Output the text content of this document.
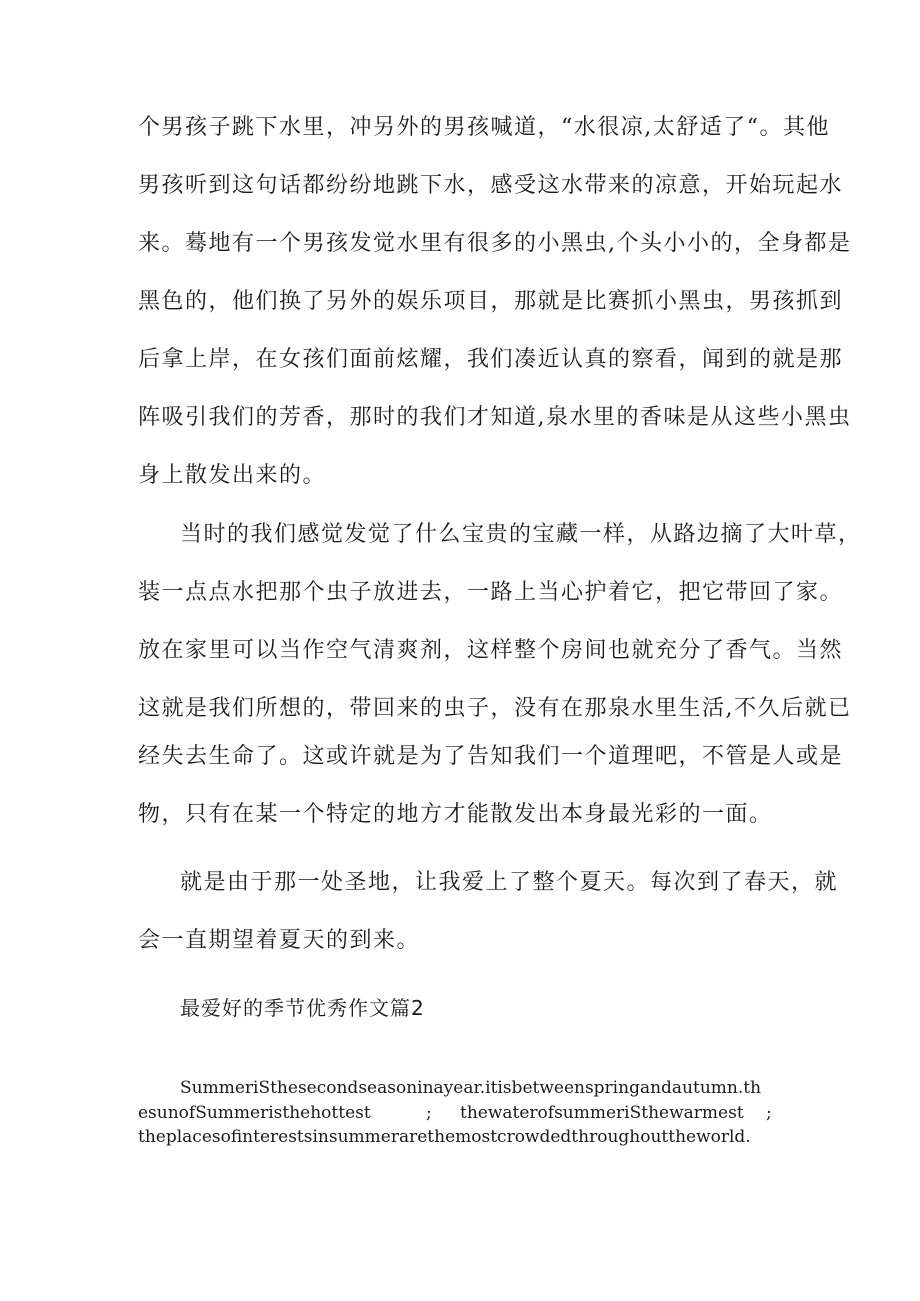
个男孩子跳下水里，冲另外的男孩喊道，“水很凉,太舒适了“。其他
男孩听到这句话都纷纷地跳下水，感受这水带来的凉意，开始玩起水
来。蓦地有一个男孩发觉水里有很多的小黑虫,个头小小的，全身都是
黑色的，他们换了另外的娱乐项目，那就是比赛抓小黑虫，男孩抓到
后拿上岸，在女孩们面前炫耀，我们凑近认真的察看，闻到的就是那
阵吸引我们的芳香，那时的我们才知道,泉水里的香味是从这些小黑虫
身上散发出来的。
当时的我们感觉发觉了什么宝贵的宝藏一样，从路边摘了大叶草，
装一点点水把那个虫子放进去，一路上当心护着它，把它带回了家。
放在家里可以当作空气清爽剂，这样整个房间也就充分了香气。当然
这就是我们所想的，带回来的虫子，没有在那泉水里生活,不久后就已
经失去生命了。这或许就是为了告知我们一个道理吧，不管是人或是
物，只有在某一个特定的地方才能散发出本身最光彩的一面。
就是由于那一处圣地，让我爱上了整个夏天。每次到了春天，就
会一直期望着夏天的到来。
最爱好的季节优秀作文篇2
SummeriSthesecondseasoninayear.itisbetweenspringandautumn.th
esunofSummeristhehottest	; thewaterofsummeriSthewarmest ;
theplacesofinterestsinsummerarethemostcrowdedthroughouttheworld.
